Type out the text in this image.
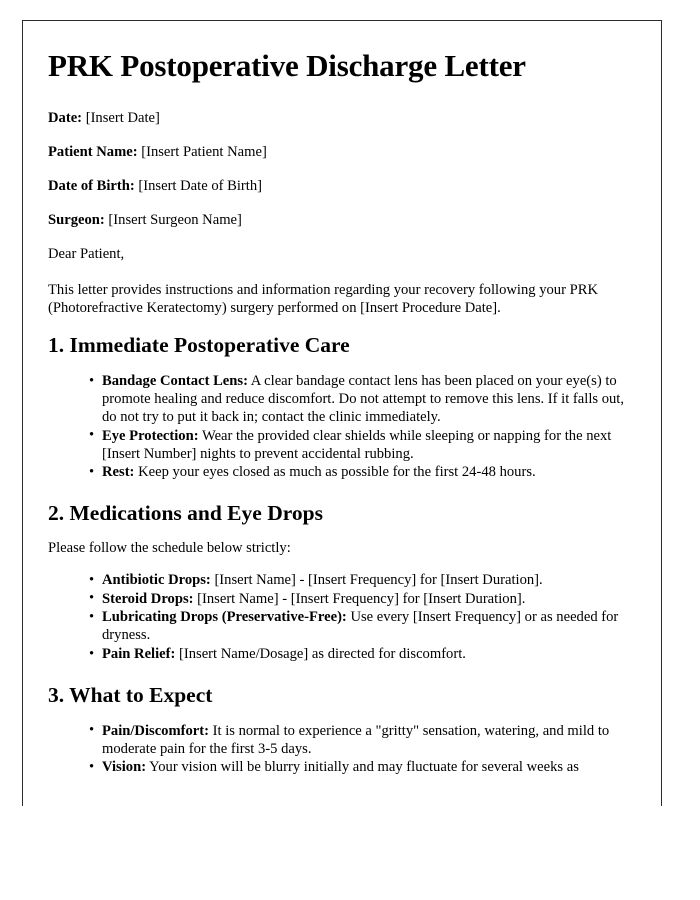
PRK Postoperative Discharge Letter

Date: [Insert Date]

Patient Name: [Insert Patient Name]

Date of Birth: [Insert Date of Birth]

Surgeon: [Insert Surgeon Name]

Dear Patient,

This letter provides instructions and information regarding your recovery following your PRK (Photorefractive Keratectomy) surgery performed on [Insert Procedure Date].

1. Immediate Postoperative Care
• Bandage Contact Lens: A clear bandage contact lens has been placed on your eye(s) to promote healing and reduce discomfort. Do not attempt to remove this lens. If it falls out, do not try to put it back in; contact the clinic immediately.
• Eye Protection: Wear the provided clear shields while sleeping or napping for the next [Insert Number] nights to prevent accidental rubbing.
• Rest: Keep your eyes closed as much as possible for the first 24-48 hours.
2. Medications and Eye Drops

Please follow the schedule below strictly:

• Antibiotic Drops: [Insert Name] - [Insert Frequency] for [Insert Duration].
• Steroid Drops: [Insert Name] - [Insert Frequency] for [Insert Duration].
• Lubricating Drops (Preservative-Free): Use every [Insert Frequency] or as needed for dryness.
• Pain Relief: [Insert Name/Dosage] as directed for discomfort.
3. What to Expect
• Pain/Discomfort: It is normal to experience a "gritty" sensation, watering, and mild to moderate pain for the first 3-5 days.
• Vision: Your vision will be blurry initially and may fluctuate for several weeks as
